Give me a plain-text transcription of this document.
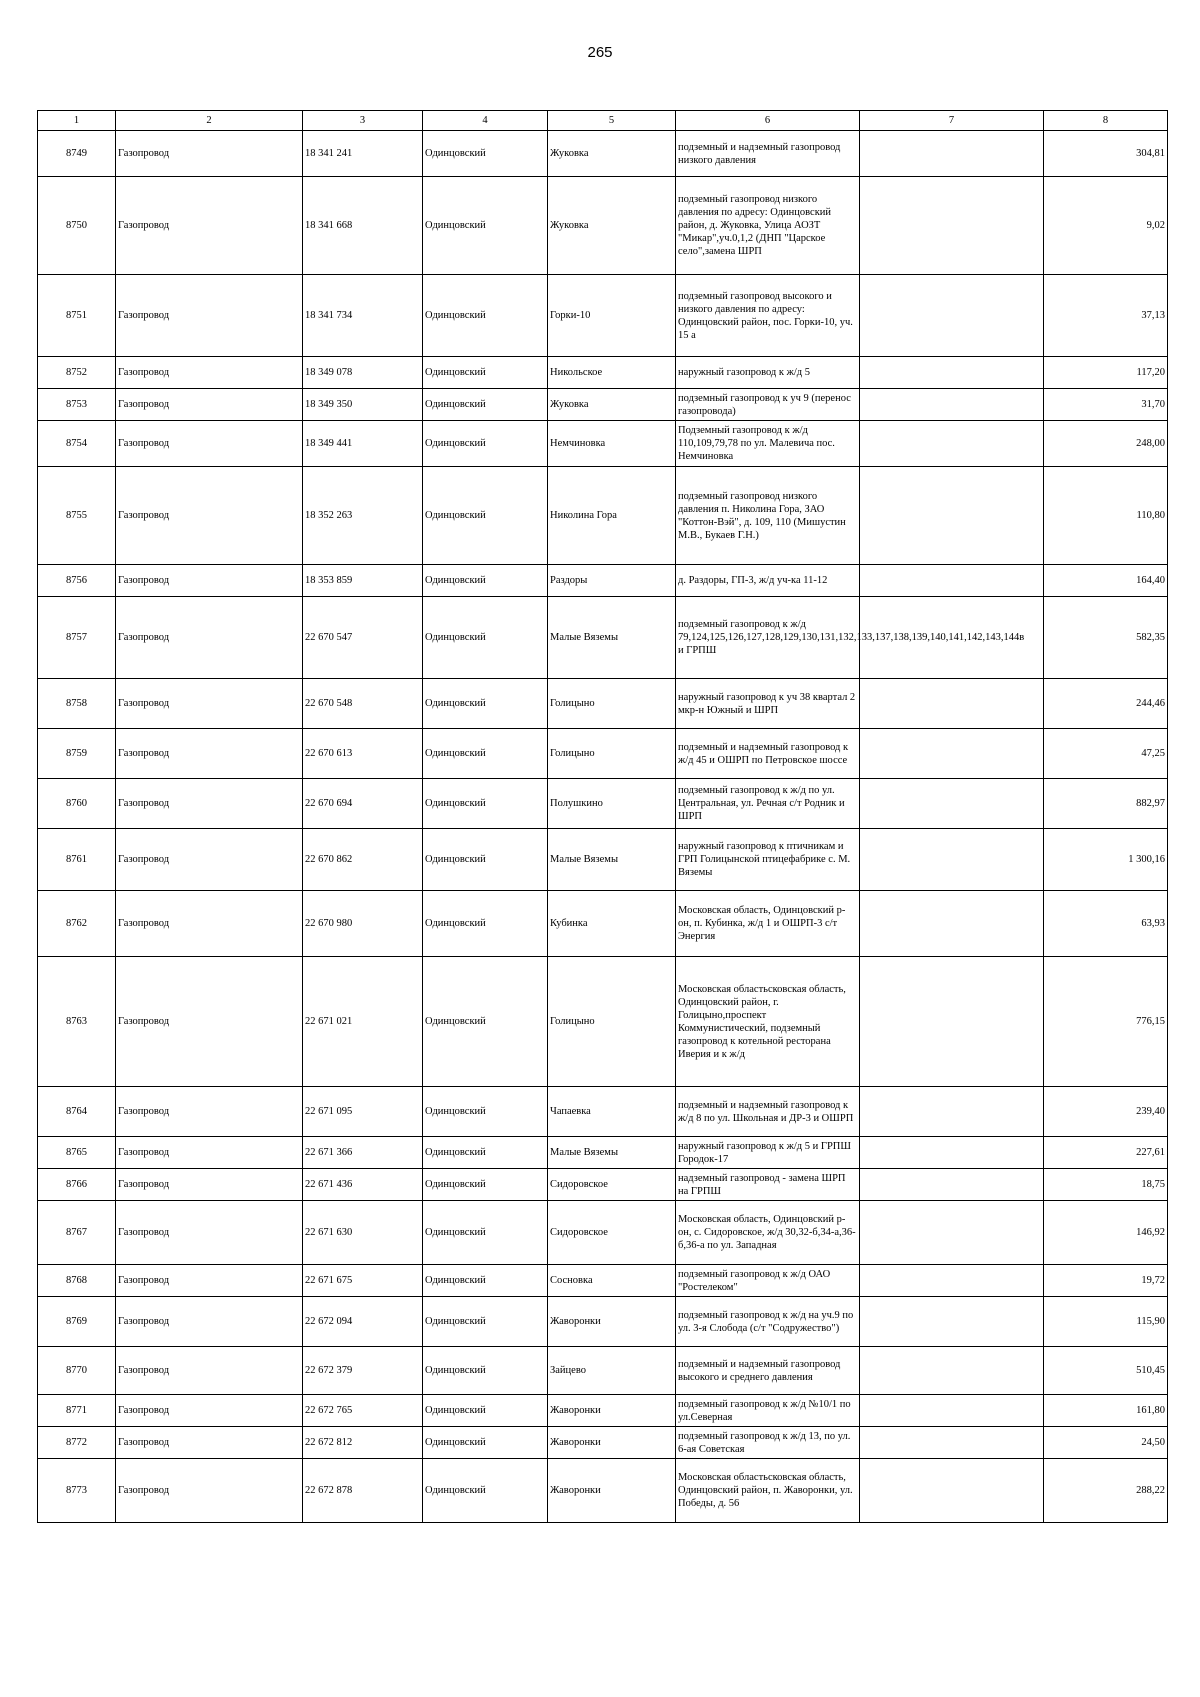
265
1	2	3	4	5	6	7	8
8749	Газопровод	18 341 241	Одинцовский	Жуковка	подземный и надземный газопровод низкого давления		304,81
8750	Газопровод	18 341 668	Одинцовский	Жуковка	подземный газопровод низкого давления по адресу: Одинцовский район, д. Жуковка, Улица АОЗТ "Микар",уч.0,1,2 (ДНП "Царское село",замена ШРП		9,02
8751	Газопровод	18 341 734	Одинцовский	Горки-10	подземный газопровод высокого и низкого давления по адресу: Одинцовский район, пос. Горки-10, уч. 15 а		37,13
8752	Газопровод	18 349 078	Одинцовский	Никольское	наружный газопровод к ж/д 5		117,20
8753	Газопровод	18 349 350	Одинцовский	Жуковка	подземный газопровод к уч 9 (перенос газопровода)		31,70
8754	Газопровод	18 349 441	Одинцовский	Немчиновка	Подземный газопровод к ж/д 110,109,79,78 по ул. Малевича пос. Немчиновка		248,00
8755	Газопровод	18 352 263	Одинцовский	Николина Гора	подземный газопровод низкого давления п. Николина Гора, ЗАО "Коттон-Вэй", д. 109, 110 (Мишустин М.В., Букаев Г.Н.)		110,80
8756	Газопровод	18 353 859	Одинцовский	Раздоры	д. Раздоры, ГП-3, ж/д уч-ка 11-12		164,40
8757	Газопровод	22 670 547	Одинцовский	Малые Вяземы	подземный газопровод к ж/д 79,124,125,126,127,128,129,130,131,132,133,137,138,139,140,141,142,143,144в и ГРПШ		582,35
8758	Газопровод	22 670 548	Одинцовский	Голицыно	наружный газопровод к уч 38 квартал 2 мкр-н Южный и ШРП		244,46
8759	Газопровод	22 670 613	Одинцовский	Голицыно	подземный и надземный газопровод к ж/д 45 и ОШРП по Петровское шоссе		47,25
8760	Газопровод	22 670 694	Одинцовский	Полушкино	подземный газопровод к ж/д по ул. Центральная, ул. Речная с/т Родник и ШРП		882,97
8761	Газопровод	22 670 862	Одинцовский	Малые Вяземы	наружный газопровод к птичникам и ГРП Голицынской птицефабрике с. М. Вяземы		1 300,16
8762	Газопровод	22 670 980	Одинцовский	Кубинка	Московская область, Одинцовский р-он, п. Кубинка, ж/д 1 и ОШРП-3 с/т Энергия		63,93
8763	Газопровод	22 671 021	Одинцовский	Голицыно	Московская областьсковская область, Одинцовский район, г. Голицыно,проспект Коммунистический, подземный газопровод к котельной ресторана Иверия и к ж/д		776,15
8764	Газопровод	22 671 095	Одинцовский	Чапаевка	подземный и надземный газопровод к ж/д 8 по ул. Школьная и ДР-3 и ОШРП		239,40
8765	Газопровод	22 671 366	Одинцовский	Малые Вяземы	наружный газопровод к ж/д 5 и ГРПШ Городок-17		227,61
8766	Газопровод	22 671 436	Одинцовский	Сидоровское	надземный газопровод - замена ШРП на ГРПШ		18,75
8767	Газопровод	22 671 630	Одинцовский	Сидоровское	Московская область, Одинцовский р-он, с. Сидоровское, ж/д 30,32-б,34-а,36-б,36-а по ул. Западная		146,92
8768	Газопровод	22 671 675	Одинцовский	Сосновка	подземный газопровод к ж/д ОАО "Ростелеком"		19,72
8769	Газопровод	22 672 094	Одинцовский	Жаворонки	подземный газопровод к ж/д на уч.9 по ул. 3-я Слобода (с/т "Содружество")		115,90
8770	Газопровод	22 672 379	Одинцовский	Зайцево	подземный и надземный газопровод высокого и среднего давления		510,45
8771	Газопровод	22 672 765	Одинцовский	Жаворонки	подземный газопровод к ж/д №10/1 по ул.Северная		161,80
8772	Газопровод	22 672 812	Одинцовский	Жаворонки	подземный газопровод к ж/д 13, по ул. 6-ая Советская		24,50
8773	Газопровод	22 672 878	Одинцовский	Жаворонки	Московская областьсковская область, Одинцовский район, п. Жаворонки, ул. Победы, д. 56		288,22
